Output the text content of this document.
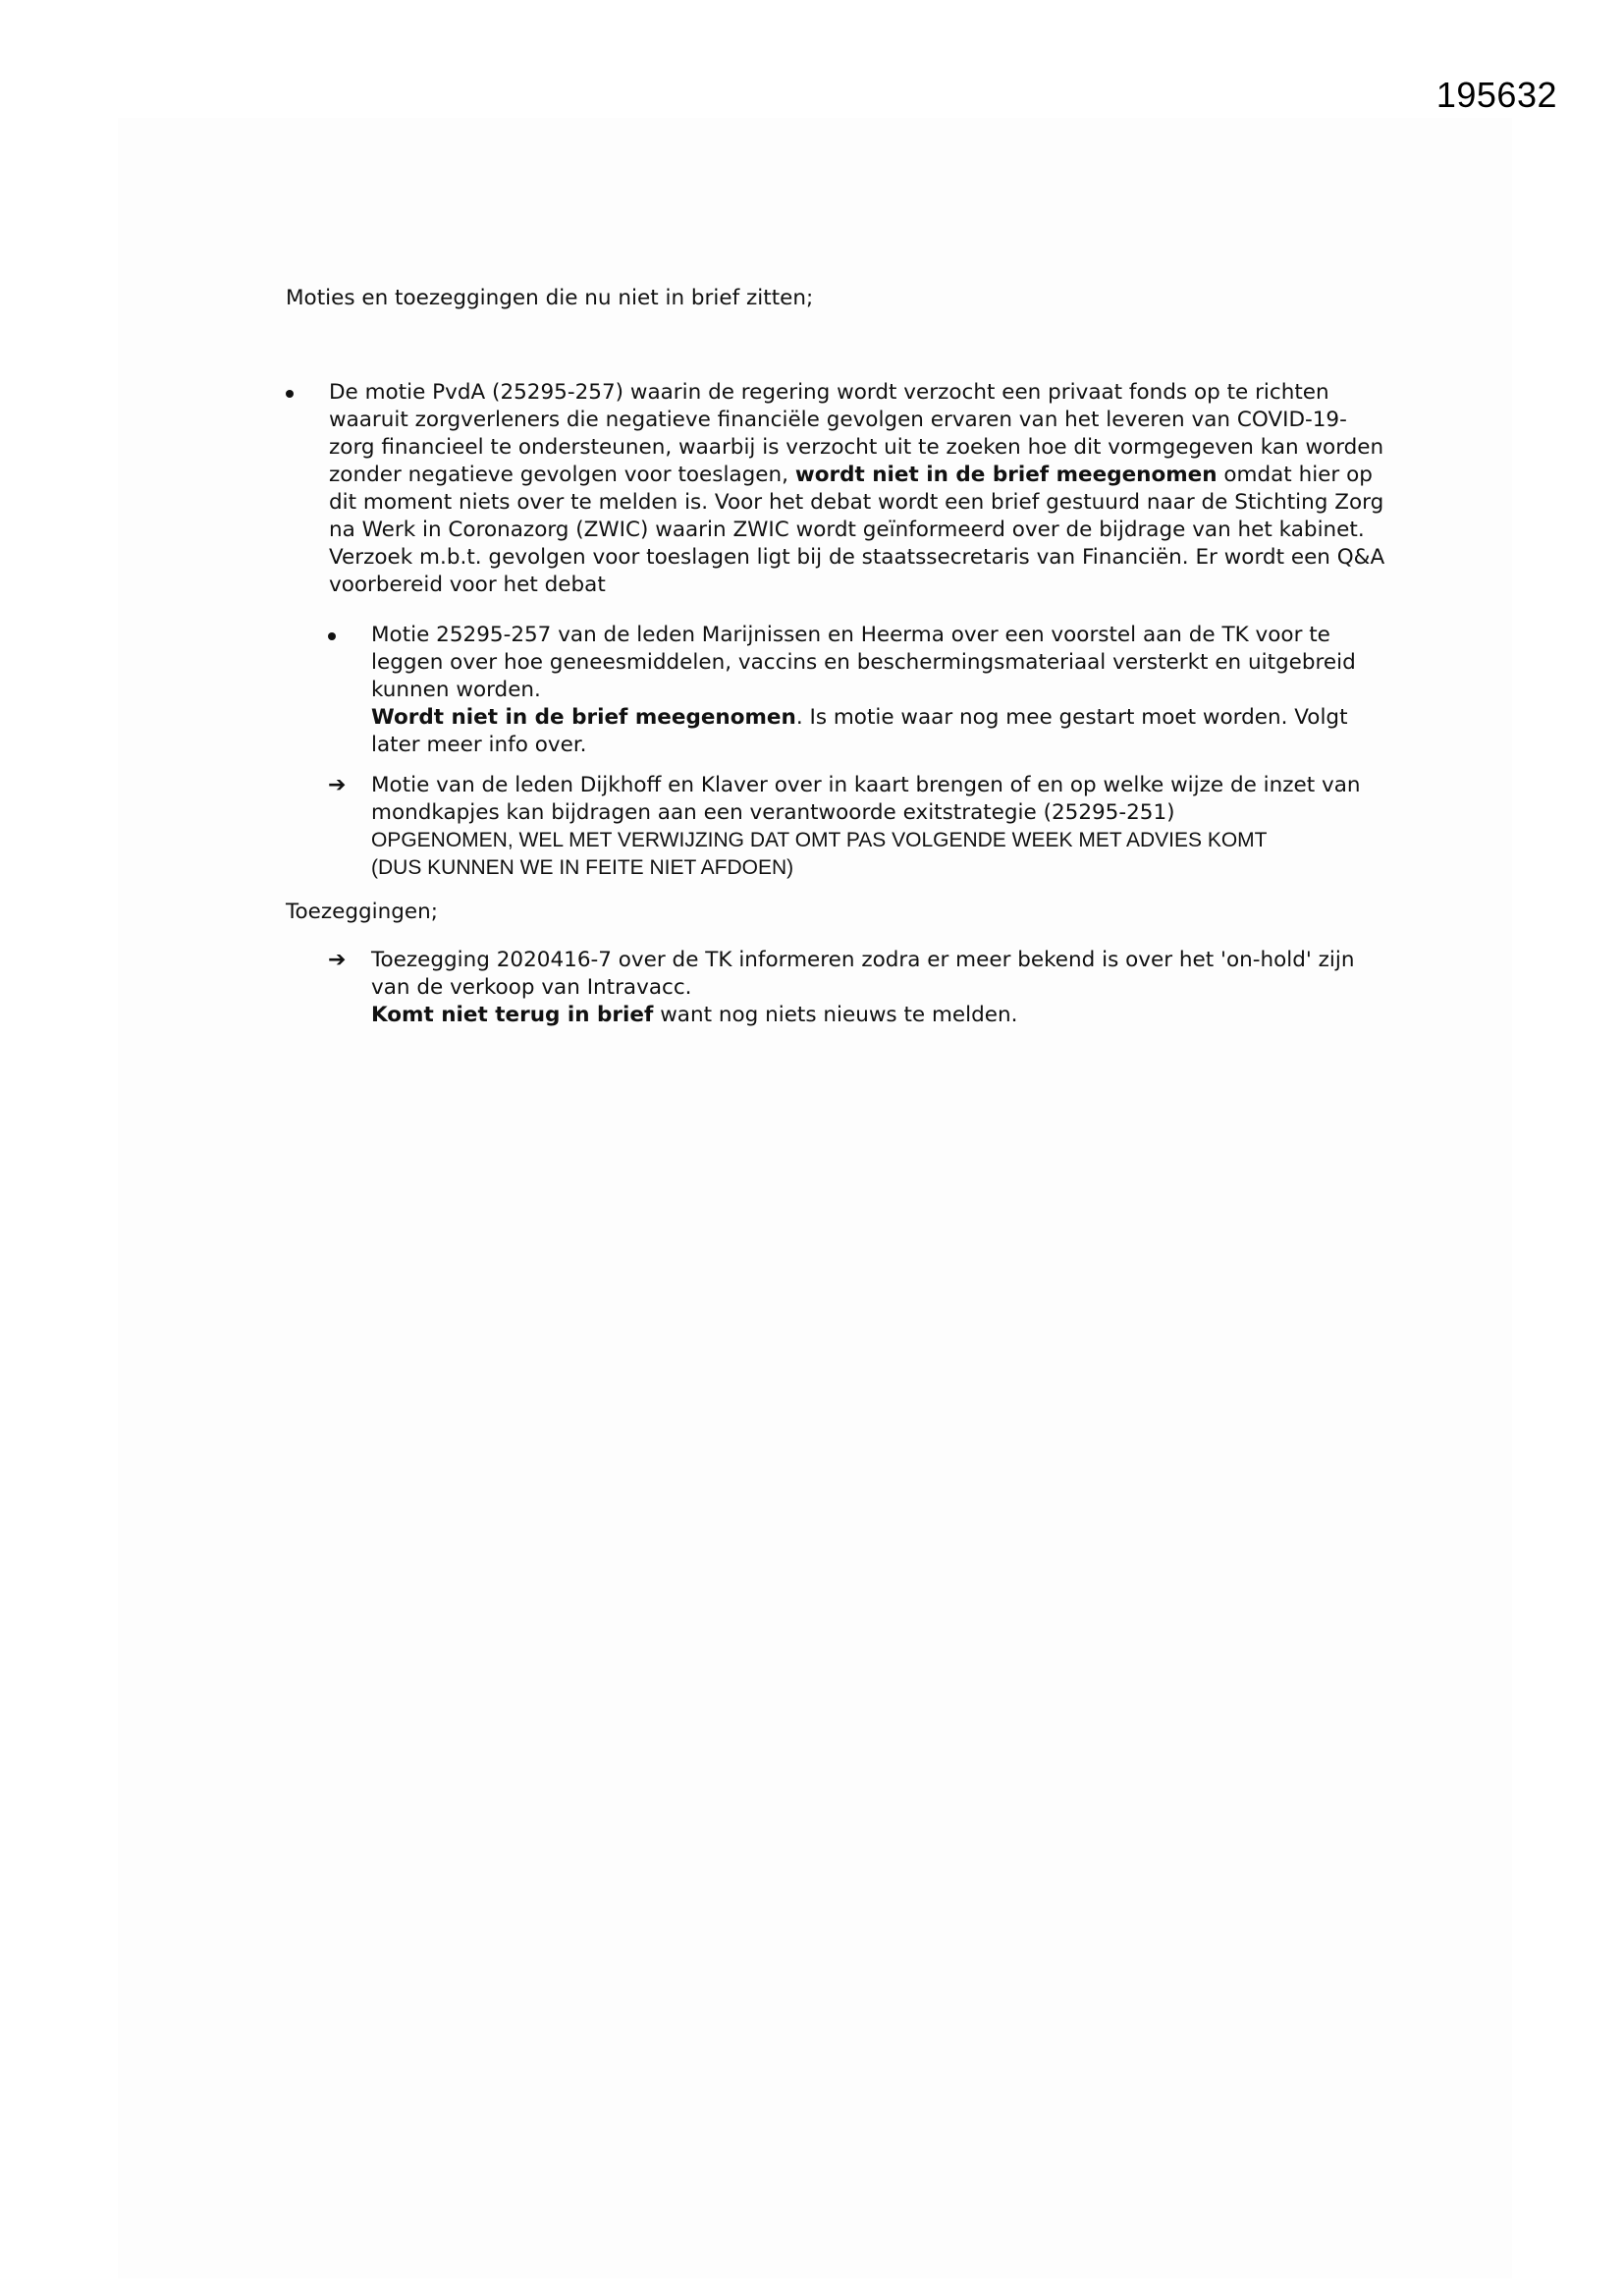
195632
Moties en toezeggingen die nu niet in brief zitten;
De motie PvdA (25295-257) waarin de regering wordt verzocht een privaat fonds op te richten waaruit zorgverleners die negatieve financiële gevolgen ervaren van het leveren van COVID-19-zorg financieel te ondersteunen, waarbij is verzocht uit te zoeken hoe dit vormgegeven kan worden zonder negatieve gevolgen voor toeslagen, wordt niet in de brief meegenomen omdat hier op dit moment niets over te melden is. Voor het debat wordt een brief gestuurd naar de Stichting Zorg na Werk in Coronazorg (ZWIC) waarin ZWIC wordt geïnformeerd over de bijdrage van het kabinet. Verzoek m.b.t. gevolgen voor toeslagen ligt bij de staatssecretaris van Financiën. Er wordt een Q&A voorbereid voor het debat
Motie 25295-257 van de leden Marijnissen en Heerma over een voorstel aan de TK voor te leggen over hoe geneesmiddelen, vaccins en beschermingsmateriaal versterkt en uitgebreid kunnen worden.
Wordt niet in de brief meegenomen. Is motie waar nog mee gestart moet worden. Volgt later meer info over.
➔ Motie van de leden Dijkhoff en Klaver over in kaart brengen of en op welke wijze de inzet van mondkapjes kan bijdragen aan een verantwoorde exitstrategie (25295-251)
OPGENOMEN, WEL MET VERWIJZING DAT OMT PAS VOLGENDE WEEK MET ADVIES KOMT
(DUS KUNNEN WE IN FEITE NIET AFDOEN)
Toezeggingen;
➔ Toezegging 2020416-7 over de TK informeren zodra er meer bekend is over het 'on-hold' zijn van de verkoop van Intravacc.
Komt niet terug in brief want nog niets nieuws te melden.
